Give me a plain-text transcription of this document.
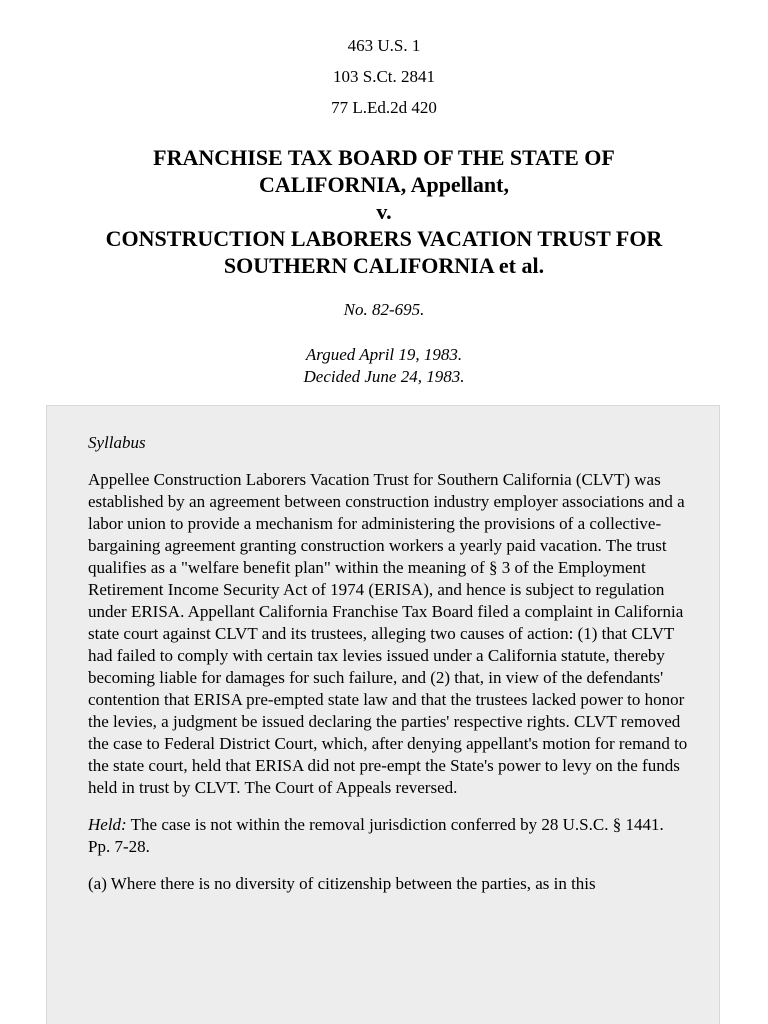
463 U.S. 1
103 S.Ct. 2841
77 L.Ed.2d 420
FRANCHISE TAX BOARD OF THE STATE OF
CALIFORNIA, Appellant,
v.
CONSTRUCTION LABORERS VACATION TRUST FOR
SOUTHERN CALIFORNIA et al.
No. 82-695.
Argued April 19, 1983.
Decided June 24, 1983.

Syllabus

Appellee Construction Laborers Vacation Trust for Southern California (CLVT) was established by an agreement between construction industry employer associations and a labor union to provide a mechanism for administering the provisions of a collective-bargaining agreement granting construction workers a yearly paid vacation. The trust qualifies as a "welfare benefit plan" within the meaning of § 3 of the Employment Retirement Income Security Act of 1974 (ERISA), and hence is subject to regulation under ERISA. Appellant California Franchise Tax Board filed a complaint in California state court against CLVT and its trustees, alleging two causes of action: (1) that CLVT had failed to comply with certain tax levies issued under a California statute, thereby becoming liable for damages for such failure, and (2) that, in view of the defendants' contention that ERISA pre-empted state law and that the trustees lacked power to honor the levies, a judgment be issued declaring the parties' respective rights. CLVT removed the case to Federal District Court, which, after denying appellant's motion for remand to the state court, held that ERISA did not pre-empt the State's power to levy on the funds held in trust by CLVT. The Court of Appeals reversed.

Held: The case is not within the removal jurisdiction conferred by 28 U.S.C. § 1441. Pp. 7-28.

(a) Where there is no diversity of citizenship between the parties, as in this
